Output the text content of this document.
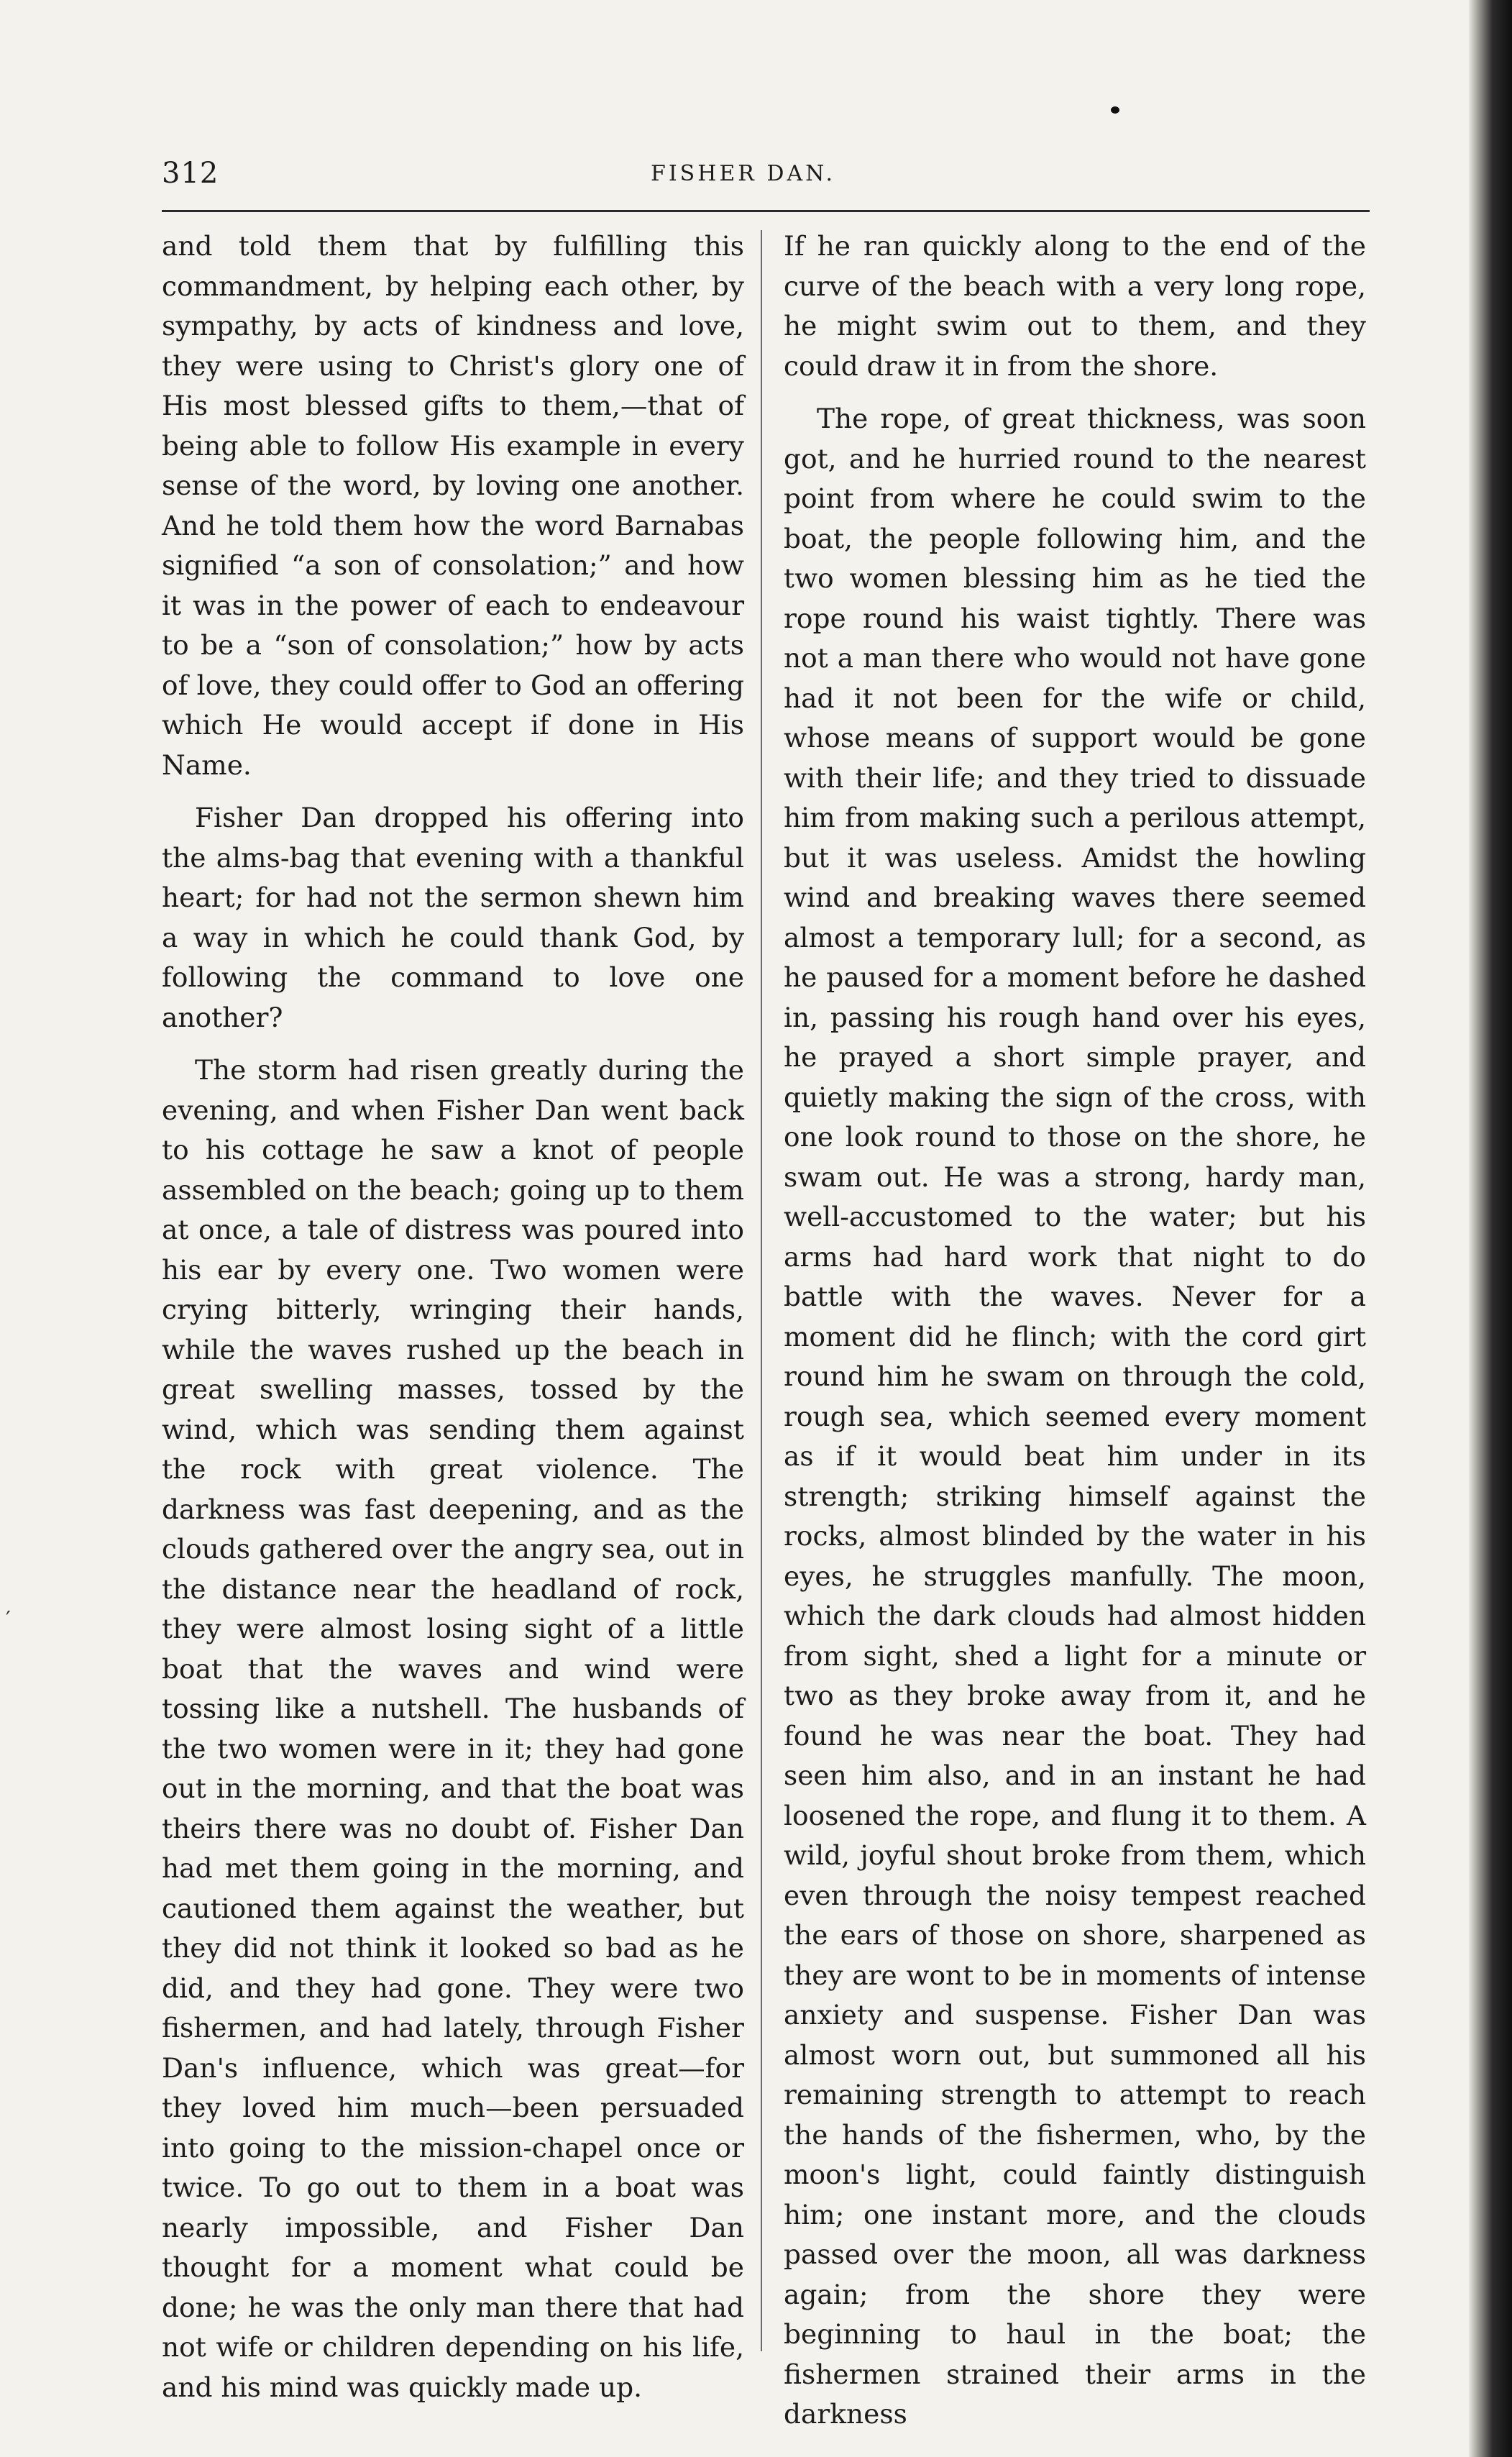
312	FISHER DAN.

and told them that by fulfilling this commandment, by helping each other, by sympathy, by acts of kindness and love, they were using to Christ's glory one of His most blessed gifts to them,—that of being able to follow His example in every sense of the word, by loving one another. And he told them how the word Barnabas signified “a son of consolation;” and how it was in the power of each to endeavour to be a “son of consolation;” how by acts of love, they could offer to God an offering which He would accept if done in His Name.

Fisher Dan dropped his offering into the alms-bag that evening with a thankful heart; for had not the sermon shewn him a way in which he could thank God, by following the command to love one another?

The storm had risen greatly during the evening, and when Fisher Dan went back to his cottage he saw a knot of people assembled on the beach; going up to them at once, a tale of distress was poured into his ear by every one. Two women were crying bitterly, wringing their hands, while the waves rushed up the beach in great swelling masses, tossed by the wind, which was sending them against the rock with great violence. The darkness was fast deepening, and as the clouds gathered over the angry sea, out in the distance near the headland of rock, they were almost losing sight of a little boat that the waves and wind were tossing like a nutshell. The husbands of the two women were in it; they had gone out in the morning, and that the boat was theirs there was no doubt of. Fisher Dan had met them going in the morning, and cautioned them against the weather, but they did not think it looked so bad as he did, and they had gone. They were two fishermen, and had lately, through Fisher Dan's influence, which was great—for they loved him much—been persuaded into going to the mission-chapel once or twice. To go out to them in a boat was nearly impossible, and Fisher Dan thought for a moment what could be done; he was the only man there that had not wife or children depending on his life, and his mind was quickly made up.

If he ran quickly along to the end of the curve of the beach with a very long rope, he might swim out to them, and they could draw it in from the shore.

The rope, of great thickness, was soon got, and he hurried round to the nearest point from where he could swim to the boat, the people following him, and the two women blessing him as he tied the rope round his waist tightly. There was not a man there who would not have gone had it not been for the wife or child, whose means of support would be gone with their life; and they tried to dissuade him from making such a perilous attempt, but it was useless. Amidst the howling wind and breaking waves there seemed almost a temporary lull; for a second, as he paused for a moment before he dashed in, passing his rough hand over his eyes, he prayed a short simple prayer, and quietly making the sign of the cross, with one look round to those on the shore, he swam out. He was a strong, hardy man, well-accustomed to the water; but his arms had hard work that night to do battle with the waves. Never for a moment did he flinch; with the cord girt round him he swam on through the cold, rough sea, which seemed every moment as if it would beat him under in its strength; striking himself against the rocks, almost blinded by the water in his eyes, he struggles manfully. The moon, which the dark clouds had almost hidden from sight, shed a light for a minute or two as they broke away from it, and he found he was near the boat. They had seen him also, and in an instant he had loosened the rope, and flung it to them. A wild, joyful shout broke from them, which even through the noisy tempest reached the ears of those on shore, sharpened as they are wont to be in moments of intense anxiety and suspense. Fisher Dan was almost worn out, but summoned all his remaining strength to attempt to reach the hands of the fishermen, who, by the moon's light, could faintly distinguish him; one instant more, and the clouds passed over the moon, all was darkness again; from the shore they were beginning to haul in the boat; the fishermen strained their arms in the darkness

′
